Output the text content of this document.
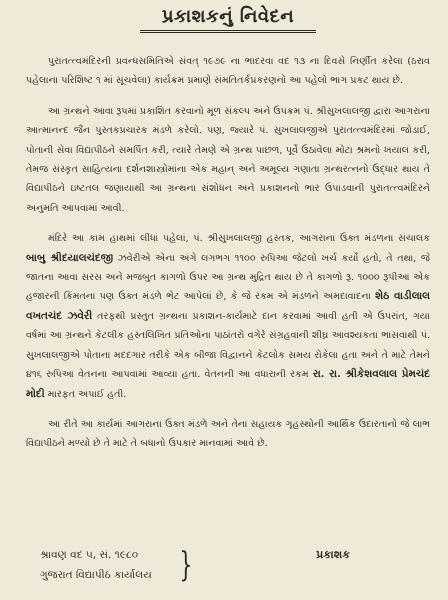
પ્રકાશકનું નિવેદન

પુરાતત્ત્વમંદિરની પ્રવન્ધસમિતિએ સંવત્ ૧૯૭૯ ના ભાદરવા વદ ૧૩ ના દિવસે નિર્ણીત કરેલા (ઠરાવ પહેલાના પરિશિષ્ટ ૧ માં સૂચવેલા) કાર્યક્રમ પ્રમાણે સંમતિતર્કપ્રકરણનો આ પહેલો ભાગ પ્રકટ થાય છે.

આ ગ્રન્થને આવા રૂપમાં પ્રકાશિત કરવાનો મૂળ સંકલ્પ અને ઉપક્રમ પં. શ્રીસુખલાલજી દ્વારા આગરાના આત્માનન્દ જૈન પુસ્તકપ્રચારક મંડળે કરેલો. પણ, જ્યારે પં. સુખલાલજીએ પુરાતત્ત્વમંદિરમાં જોડાઈ, પોતાની સેવા વિદ્યાપીઠને સમર્પિત કરી, ત્યારે તેમણે એ ગ્રન્થ પાછળ, પૂર્વે ઉઠાવેલા મોટા શ્રમનો ખયાલ કરી, તેમજ સંસ્કૃત સાહિત્યના દર્શનશાસ્ત્રોમાંના એક મહાન્ અને અમૂલ્ય ગણાતા ગ્રન્થરત્નનો ઉદ્ધાર થાય તે વિદ્યાપીઠને ઇષ્ટતલ જણાયાથી આ ગ્રન્થના સંશોધન અને પ્રકાશનનો ભાર ઉપાડવાની પુરાતત્ત્વમંદિરને અનુમતિ આપવામાં આવી.

મંદિરે આ કામ હાથમાં લીધાં પહેલાં, પં. શ્રીસુખલાલજી હસ્તક, આગરાના ઉક્ત મંડળના સંચાલક બાબુ શ્રીદયાલચંદજી ઝવેરીએ એના અંગે લગભગ ૧૧૦૦ રુપિઆ જેટલો ખર્ચ કર્યો હતો, તે તથા, જે જાતના આવા સરસ અને મજબુત કાગળો ઉપર આ ગ્રન્થ મુદ્રિત થાય છે તે કાગળો રૂ. ૧૦૦૦ રૂપીઆ એક હજારની કિંમતના પણ ઉક્ત મંડળે ભેટ આપેલાં છે, કે જે રકમ એ મંડળને અમદાવાદના શેઠ વાડીલાલ વખતચંદ ઝવેરી તરફથી પ્રસ્તુત ગ્રન્થના પ્રકાશન-કાર્યમાટે દાન કરવામાં આવી હતી એ ઉપરાંત, ગયા વર્ષમાં આ ગ્રન્થને કેટલીક હસ્તલિખિત પ્રતિઓના પાઠાંતરો વગેરે સંગ્રહવાની શીઘ્ર આવશ્યકતા ભાસવાથી પં. સુખલાલજીએ પોતાના મદદગાર તરીકે એક બીજા વિદ્વાનને કેટલોક સમય રોકેલા હતા અને તે માટે તેમને ૪૧૬ રુપિઆ વેતનના આપવામાં આવ્યા હતા. વેતનની આ વધારાની રકમ રા. રા. શ્રીકેશવલાલ પ્રેમચંદ મોદી મારફત અપાઈ હતી.

આ રીતે આ કાર્યમાં આગરાના ઉક્ત મંડળે અને તેના સહાયક ગૃહસ્થોની આર્થિક ઉદારતાનો જે લાભ વિદ્યાપીઠને મળ્યો છે તે માટે તે બધાનો ઉપકાર માનવામાં આવે છે.

શ્રાવણ વદ ૫, સં. ૧૯૮૦
ગુજરાત વિદ્યાપીઠ કાર્યાલય }	પ્રકાશક
